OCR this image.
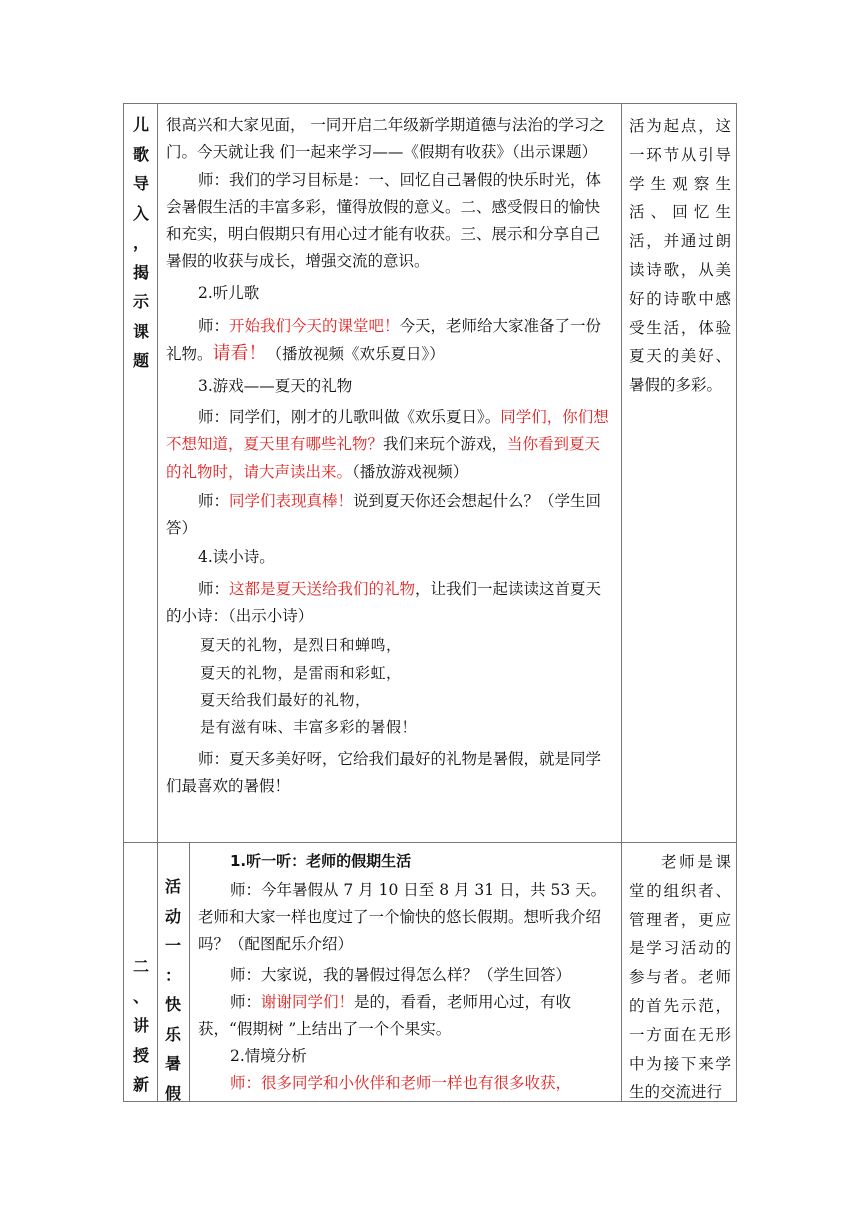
儿
歌
导
入
，
揭
示
课
题

很高兴和大家见面， 一同开启二年级新学期道德与法治的学习之门。今天就让我 们一起来学习——《假期有收获》（出示课题）

师：我们的学习目标是：一、回忆自己暑假的快乐时光，体会暑假生活的丰富多彩，懂得放假的意义。二、感受假日的愉快和充实，明白假期只有用心过才能有收获。三、展示和分享自己暑假的收获与成长，增强交流的意识。

2.听儿歌

师：开始我们今天的课堂吧！今天，老师给大家准备了一份礼物。请看！（播放视频《欢乐夏日》）

3.游戏——夏天的礼物

师：同学们，刚才的儿歌叫做《欢乐夏日》。同学们，你们想不想知道，夏天里有哪些礼物？我们来玩个游戏，当你看到夏天的礼物时，请大声读出来。（播放游戏视频）

师：同学们表现真棒！说到夏天你还会想起什么？（学生回答）

4.读小诗。

师：这都是夏天送给我们的礼物，让我们一起读读这首夏天的小诗：（出示小诗）

夏天的礼物，是烈日和蝉鸣，

夏天的礼物，是雷雨和彩虹，

夏天给我们最好的礼物，

是有滋有味、丰富多彩的暑假！

师：夏天多美好呀，它给我们最好的礼物是暑假，就是同学们最喜欢的暑假！

活为起点，这一环节从引导学生观察生活、回忆生活，并通过朗读诗歌，从美好的诗歌中感受生活，体验夏天的美好、暑假的多彩。
二
、
讲
授
新
活
动
一
：
快
乐
暑
假

1.听一听：老师的假期生活

师：今年暑假从 7 月 10 日至 8 月 31 日，共 53 天。老师和大家一样也度过了一个愉快的悠长假期。想听我介绍吗？（配图配乐介绍）

师：大家说，我的暑假过得怎么样？（学生回答）

师：谢谢同学们！是的，看看，老师用心过，有收获，“假期树 ”上结出了一个个果实。

2.情境分析

师：很多同学和小伙伴和老师一样也有很多收获，

老师是课堂的组织者、管理者，更应是学习活动的参与者。老师的首先示范，一方面在无形中为接下来学生的交流进行
